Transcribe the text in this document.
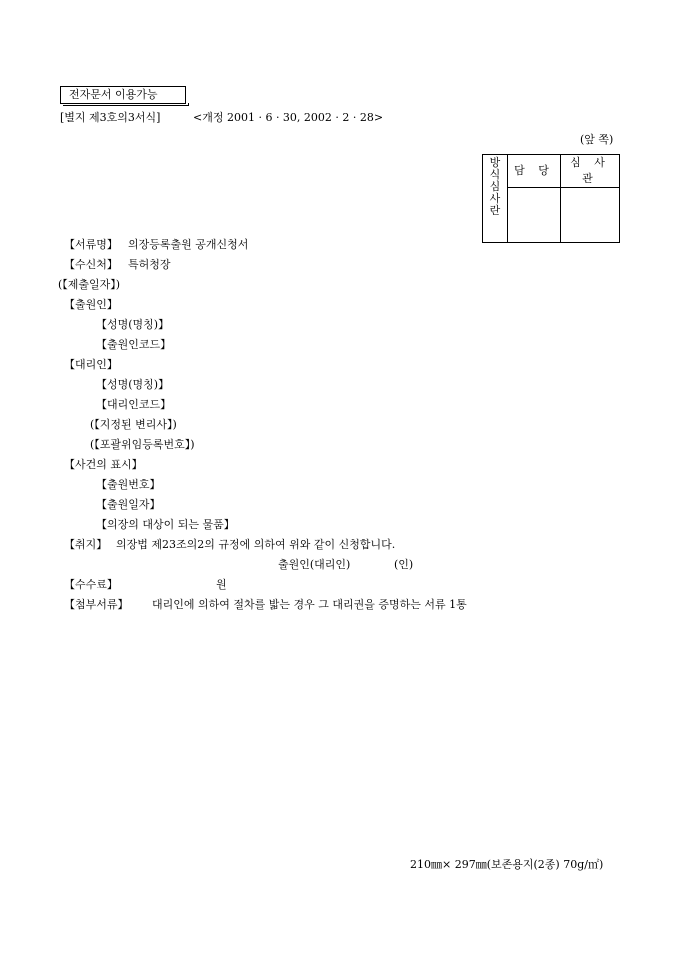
전자문서 이용가능
[별지 제3호의3서식]	<개정 2001 · 6 · 30, 2002 · 2 · 28>
(앞 쪽)
방
식
심
사
란	담 당	심 사 관

【서류명】 의장등록출원 공개신청서
【수신처】 특허청장
(【제출일자】)
【출원인】
【성명(명칭)】
【출원인코드】
【대리인】
【성명(명칭)】
【대리인코드】
(【지정된 변리사】)
(【포괄위임등록번호】)
【사건의 표시】
【출원번호】
【출원일자】
【의장의 대상이 되는 물품】
【취지】 의장법 제23조의2의 규정에 의하여 위와 같이 신청합니다.
출원인(대리인)	(인)
【수수료】	원
【첨부서류】 대리인에 의하여 절차를 밟는 경우 그 대리권을 증명하는 서류 1통
210㎜× 297㎜(보존용지(2종) 70g/㎡)
